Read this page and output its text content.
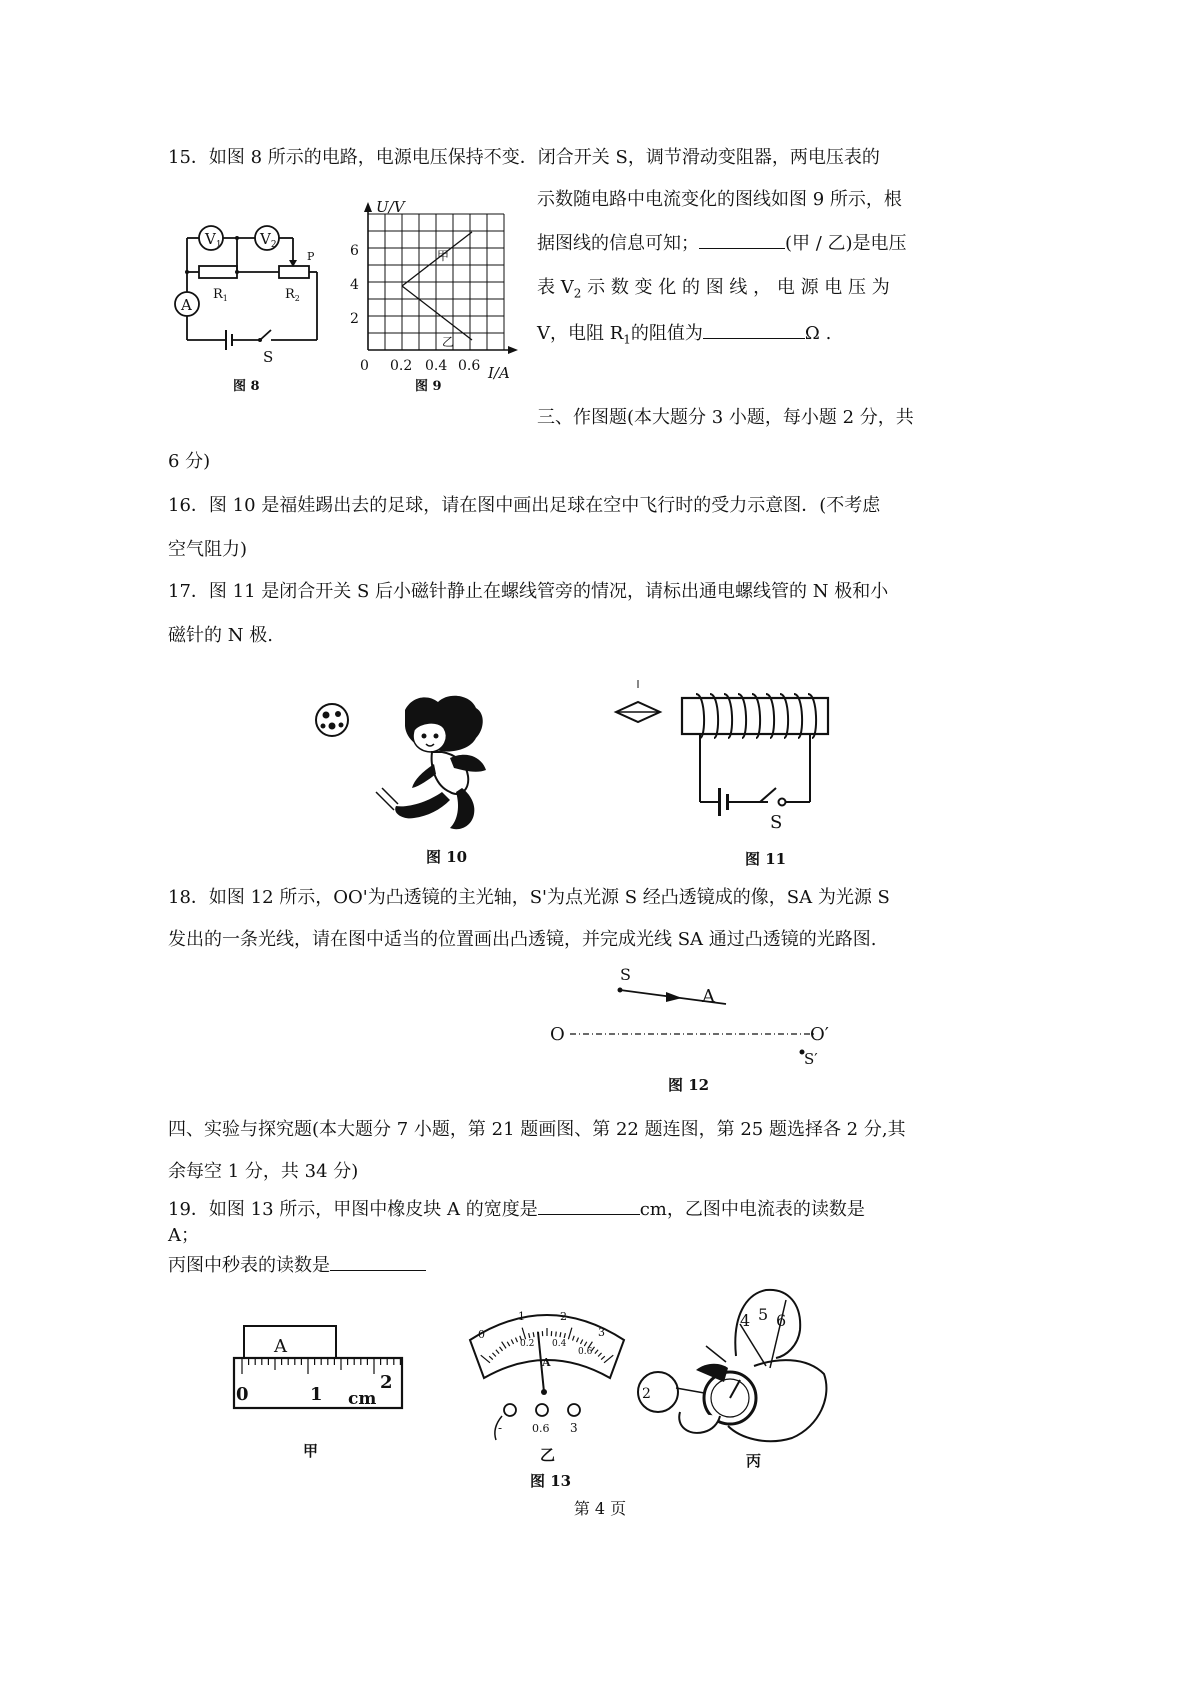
15．如图 8 所示的电路，电源电压保持不变．闭合开关 S，调节滑动变阻器，两电压表的
示数随电路中电流变化的图线如图 9 所示，根
据图线的信息可知；	(甲 / 乙)是电压
表 $V_2$ 示 数 变 化 的 图 线 ， 电 源 电 压 为
V，电阻 $R_1$的阻值为	Ω .
$V_1$	$V_2$
A
$R_1$	$R_2$
P
S
图 8
U/V
I/A
2
4
6
0 0.2 0.4 0.6
甲
乙
图 9
三、作图题(本大题分 3 小题，每小题 2 分，共
6 分)
16．图 10 是福娃踢出去的足球，请在图中画出足球在空中飞行时的受力示意图．(不考虑
空气阻力)
17．图 11 是闭合开关 S 后小磁针静止在螺线管旁的情况，请标出通电螺线管的 N 极和小
磁针的 N 极.
图 10
S
图 11
18．如图 12 所示，OO'为凸透镜的主光轴，S'为点光源 S 经凸透镜成的像，SA 为光源 S
发出的一条光线，请在图中适当的位置画出凸透镜，并完成光线 SA 通过凸透镜的光路图.
S
A
O	O′
S′
图 12
四、实验与探究题(本大题分 7 小题，第 21 题画图、第 22 题连图，第 25 题选择各 2 分,其
余每空 1 分，共 34 分)
19．如图 13 所示，甲图中橡皮块 A 的宽度是	cm，乙图中电流表的读数是
A；
丙图中秒表的读数是
A
0	1
2
cm
甲
0
1	2
3
0.2 0.4
0.6
A
-	0.6 3
乙
图 13
4 5 6
2
丙
第 4 页
